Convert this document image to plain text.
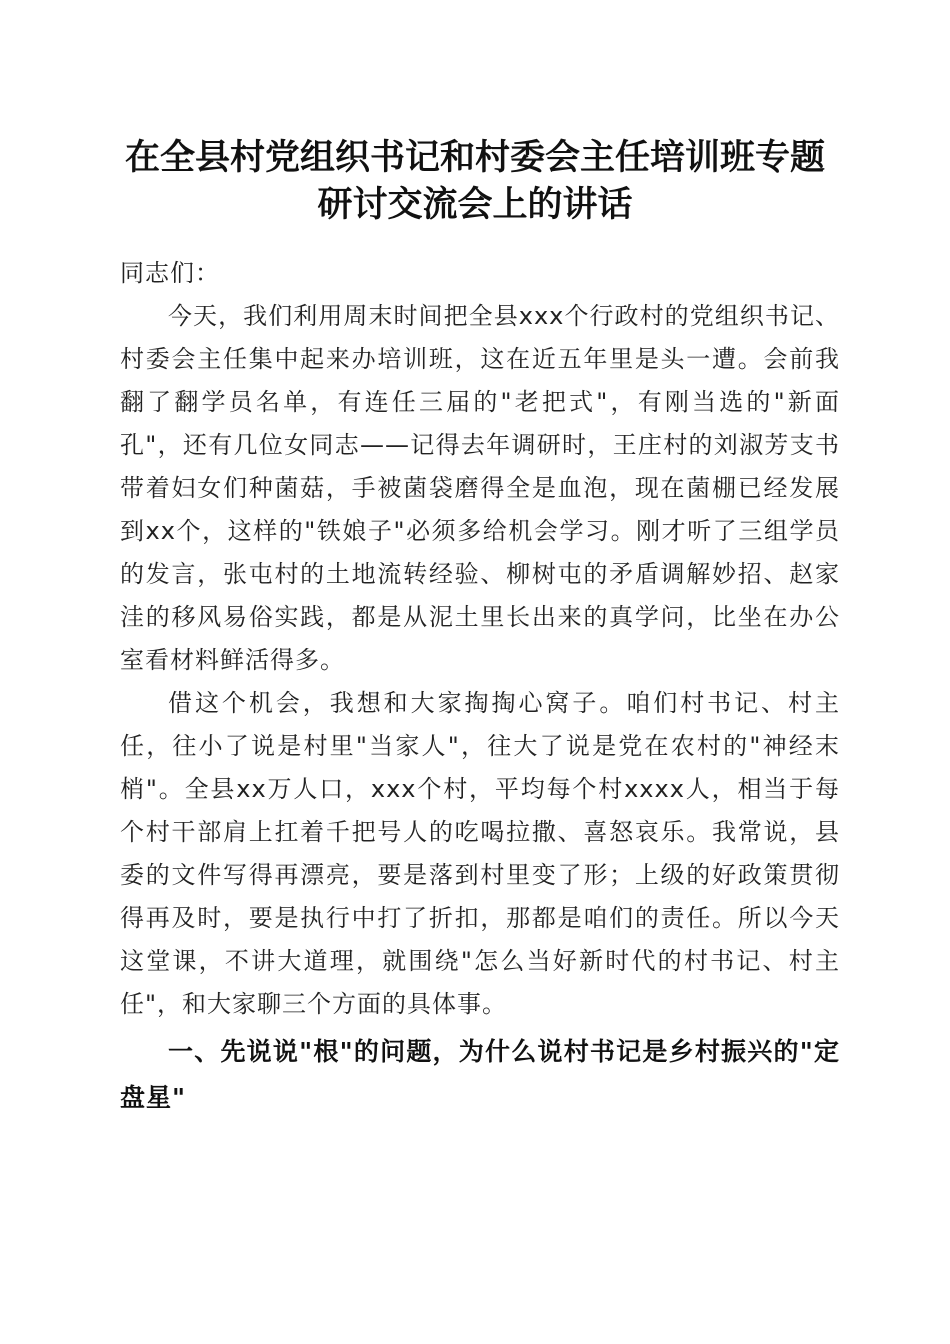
在全县村党组织书记和村委会主任培训班专题
研讨交流会上的讲话

同志们：

今天，我们利用周末时间把全县xxx个行政村的党组织书记、村委会主任集中起来办培训班，这在近五年里是头一遭。会前我翻了翻学员名单，有连任三届的"老把式"，有刚当选的"新面孔"，还有几位女同志——记得去年调研时，王庄村的刘淑芳支书带着妇女们种菌菇，手被菌袋磨得全是血泡，现在菌棚已经发展到xx个，这样的"铁娘子"必须多给机会学习。刚才听了三组学员的发言，张屯村的土地流转经验、柳树屯的矛盾调解妙招、赵家洼的移风易俗实践，都是从泥土里长出来的真学问，比坐在办公室看材料鲜活得多。

借这个机会，我想和大家掏掏心窝子。咱们村书记、村主任，往小了说是村里"当家人"，往大了说是党在农村的"神经末梢"。全县xx万人口，xxx个村，平均每个村xxxx人，相当于每个村干部肩上扛着千把号人的吃喝拉撒、喜怒哀乐。我常说，县委的文件写得再漂亮，要是落到村里变了形；上级的好政策贯彻得再及时，要是执行中打了折扣，那都是咱们的责任。所以今天这堂课，不讲大道理，就围绕"怎么当好新时代的村书记、村主任"，和大家聊三个方面的具体事。

一、先说说"根"的问题，为什么说村书记是乡村振兴的"定盘星"
